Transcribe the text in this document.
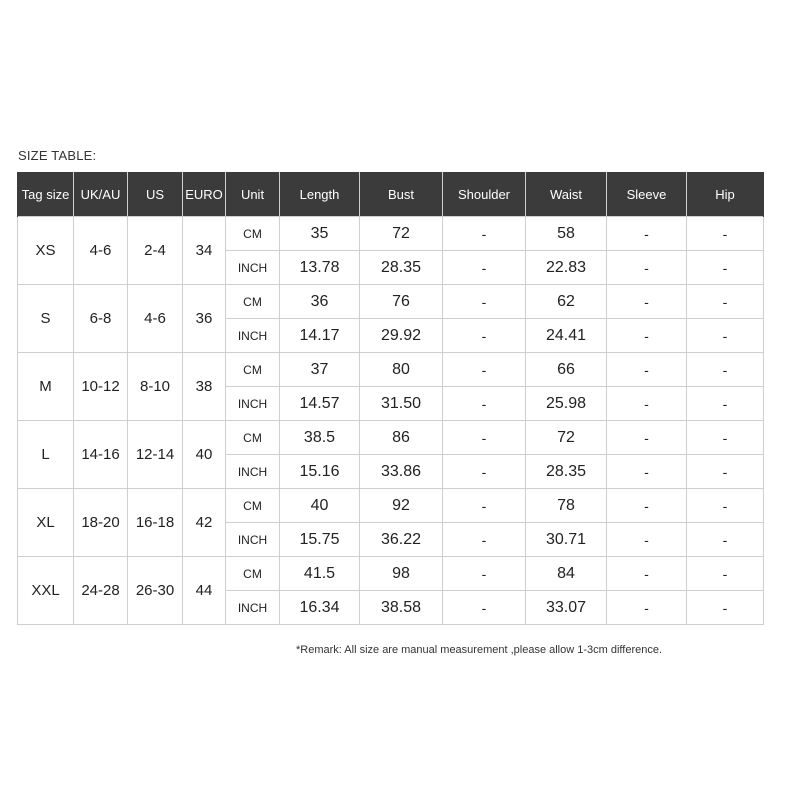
SIZE TABLE:
Tag size	UK/AU	US	EURO	Unit	Length	Bust	Shoulder	Waist	Sleeve	Hip
XS	4-6	2-4	34	CM	35	72	-	58	-	-
				INCH	13.78	28.35	-	22.83	-	-
S	6-8	4-6	36	CM	36	76	-	62	-	-
				INCH	14.17	29.92	-	24.41	-	-
M	10-12	8-10	38	CM	37	80	-	66	-	-
				INCH	14.57	31.50	-	25.98	-	-
L	14-16	12-14	40	CM	38.5	86	-	72	-	-
				INCH	15.16	33.86	-	28.35	-	-
XL	18-20	16-18	42	CM	40	92	-	78	-	-
				INCH	15.75	36.22	-	30.71	-	-
XXL	24-28	26-30	44	CM	41.5	98	-	84	-	-
				INCH	16.34	38.58	-	33.07	-	-
*Remark: All size are manual measurement ,please allow 1-3cm difference.
